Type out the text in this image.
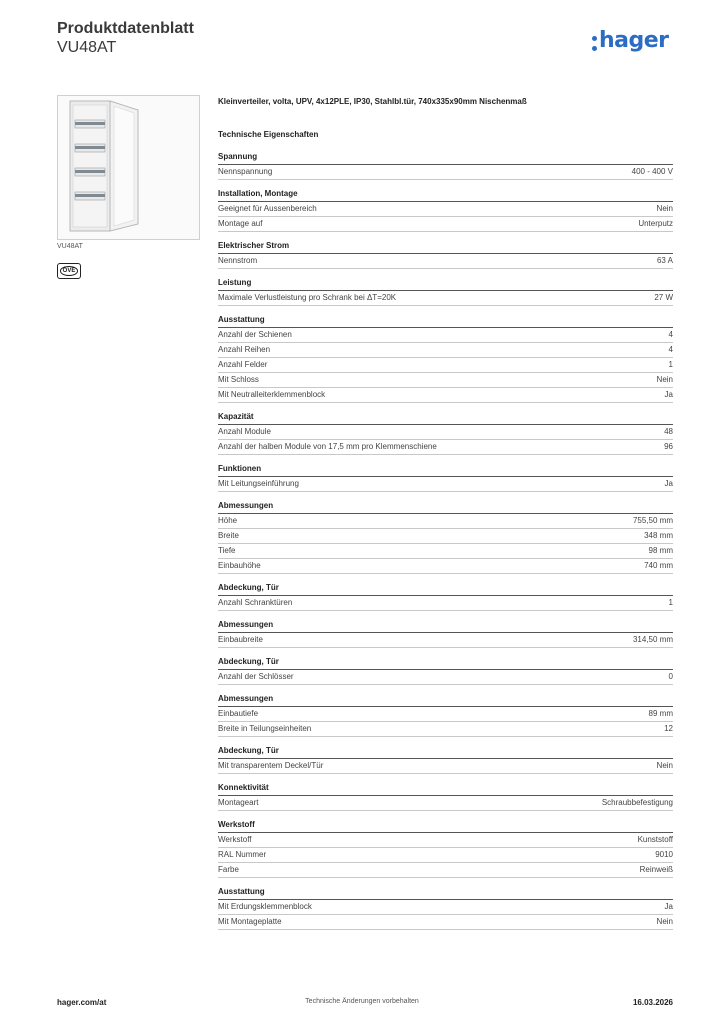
Produktdatenblatt
VU48AT	hager
VU48AT
ÖVE
Kleinverteiler, volta, UPV, 4x12PLE, IP30, Stahlbl.tür, 740x335x90mm Nischenmaß
Technische Eigenschaften
Spannung
Nennspannung	400 - 400 V
Installation, Montage
Geeignet für Aussenbereich	Nein
Montage auf	Unterputz
Elektrischer Strom
Nennstrom	63 A
Leistung
Maximale Verlustleistung pro Schrank bei ΔT=20K	27 W
Ausstattung
Anzahl der Schienen	4
Anzahl Reihen	4
Anzahl Felder	1
Mit Schloss	Nein
Mit Neutralleiterklemmenblock	Ja
Kapazität
Anzahl Module	48
Anzahl der halben Module von 17,5 mm pro Klemmenschiene	96
Funktionen
Mit Leitungseinführung	Ja
Abmessungen
Höhe	755,50 mm
Breite	348 mm
Tiefe	98 mm
Einbauhöhe	740 mm
Abdeckung, Tür
Anzahl Schranktüren	1
Abmessungen
Einbaubreite	314,50 mm
Abdeckung, Tür
Anzahl der Schlösser	0
Abmessungen
Einbautiefe	89 mm
Breite in Teilungseinheiten	12
Abdeckung, Tür
Mit transparentem Deckel/Tür	Nein
Konnektivität
Montageart	Schraubbefestigung
Werkstoff
Werkstoff	Kunststoff
RAL Nummer	9010
Farbe	Reinweiß
Ausstattung
Mit Erdungsklemmenblock	Ja
Mit Montageplatte	Nein
hager.com/at	Technische Änderungen vorbehalten	16.03.2026
